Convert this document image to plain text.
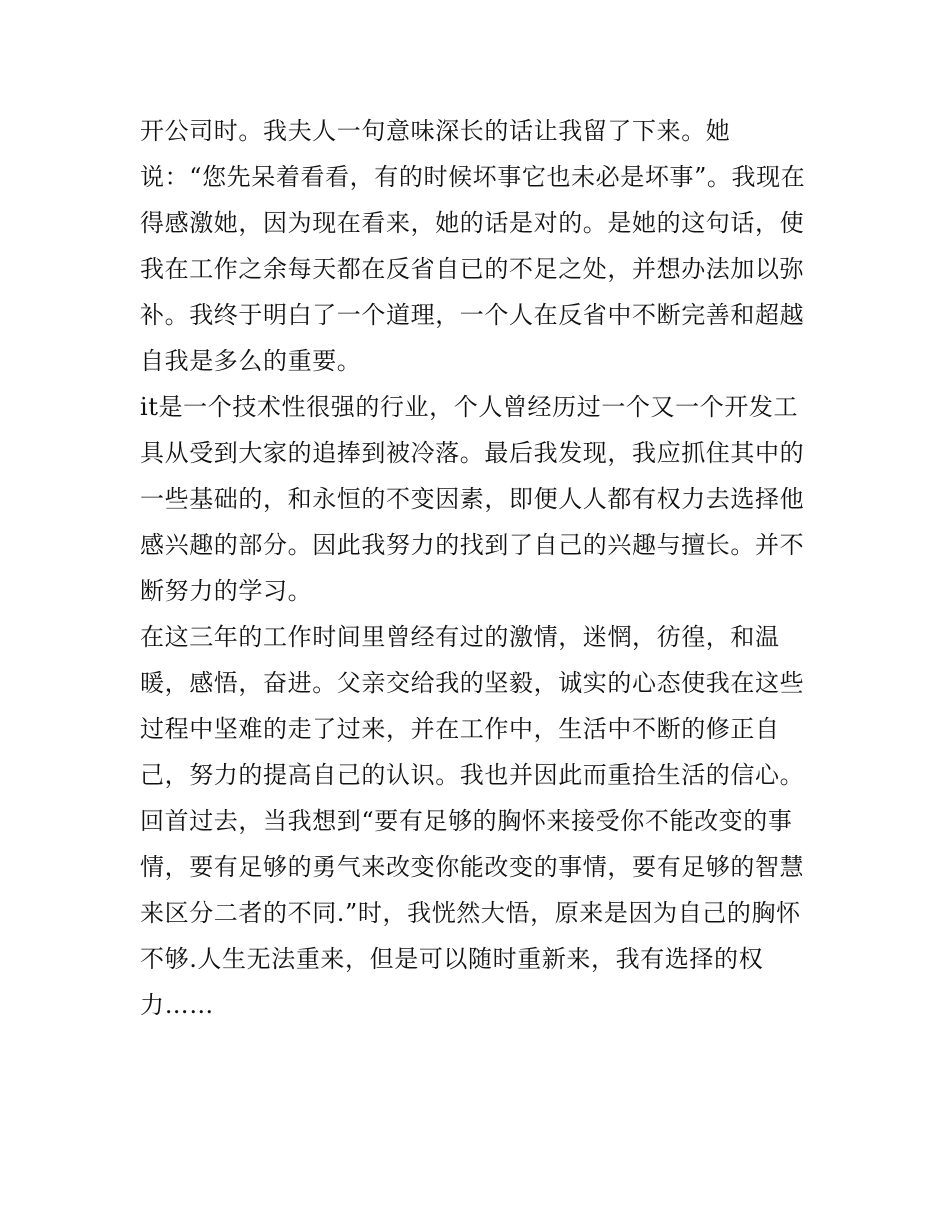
开公司时。我夫人一句意味深长的话让我留了下来。她
说：“您先呆着看看，有的时候坏事它也未必是坏事”。我现在
得感激她，因为现在看来，她的话是对的。是她的这句话，使
我在工作之余每天都在反省自已的不足之处，并想办法加以弥
补。我终于明白了一个道理，一个人在反省中不断完善和超越
自我是多么的重要。
it是一个技术性很强的行业，个人曾经历过一个又一个开发工
具从受到大家的追捧到被冷落。最后我发现，我应抓住其中的
一些基础的，和永恒的不变因素，即便人人都有权力去选择他
感兴趣的部分。因此我努力的找到了自己的兴趣与擅长。并不
断努力的学习。
在这三年的工作时间里曾经有过的激情，迷惘，彷徨，和温
暖，感悟，奋进。父亲交给我的坚毅，诚实的心态使我在这些
过程中坚难的走了过来，并在工作中，生活中不断的修正自
己，努力的提高自己的认识。我也并因此而重拾生活的信心。
回首过去，当我想到“要有足够的胸怀来接受你不能改变的事
情，要有足够的勇气来改变你能改变的事情，要有足够的智慧
来区分二者的不同.”时，我恍然大悟，原来是因为自己的胸怀
不够.人生无法重来，但是可以随时重新来，我有选择的权
力……
